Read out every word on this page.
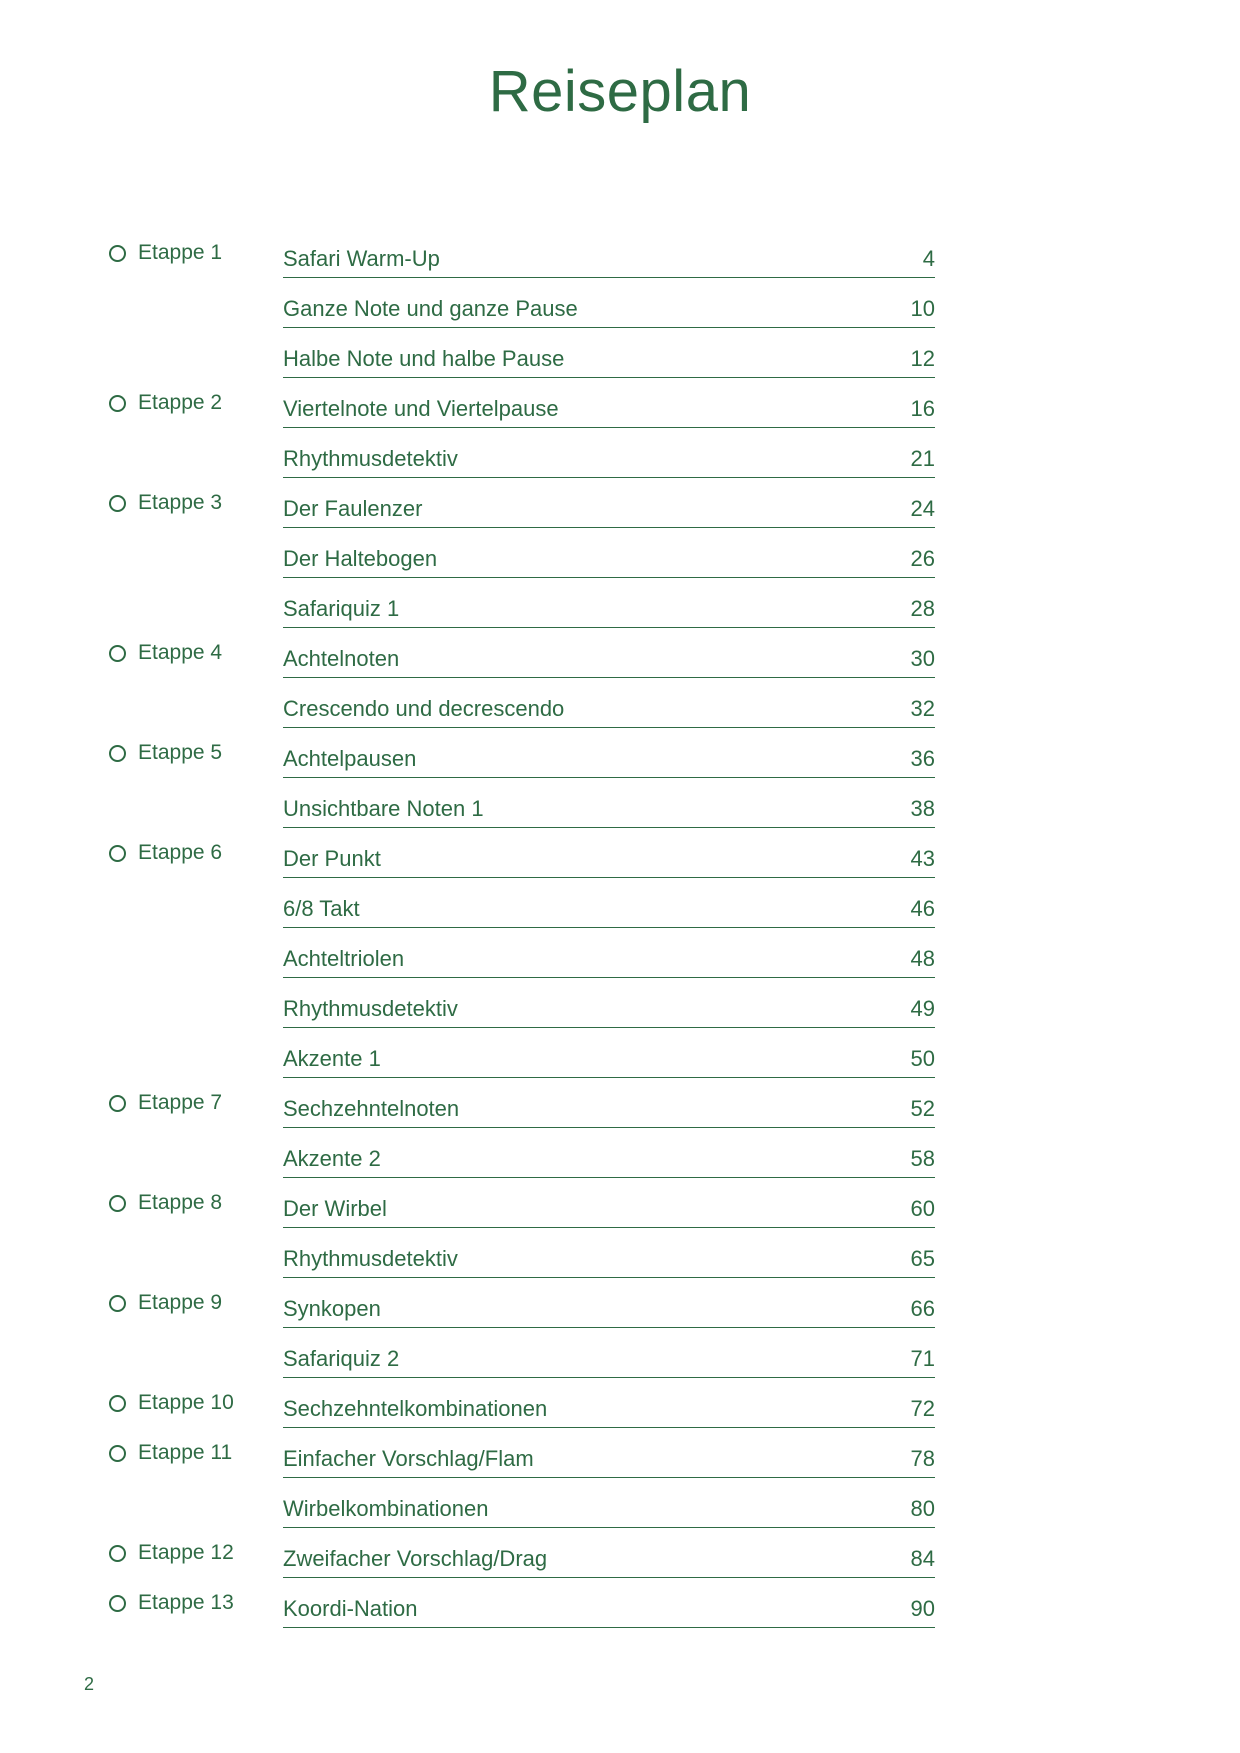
Reiseplan
Etappe 1	Safari Warm-Up	4
Ganze Note und ganze Pause	10
Halbe Note und halbe Pause	12
Etappe 2	Viertelnote und Viertelpause	16
Rhythmusdetektiv	21
Etappe 3	Der Faulenzer	24
Der Haltebogen	26
Safariquiz 1	28
Etappe 4	Achtelnoten	30
Crescendo und decrescendo	32
Etappe 5	Achtelpausen	36
Unsichtbare Noten 1	38
Etappe 6	Der Punkt	43
6/8 Takt	46
Achteltriolen	48
Rhythmusdetektiv	49
Akzente 1	50
Etappe 7	Sechzehntelnoten	52
Akzente 2	58
Etappe 8	Der Wirbel	60
Rhythmusdetektiv	65
Etappe 9	Synkopen	66
Safariquiz 2	71
Etappe 10	Sechzehntelkombinationen	72
Etappe 11	Einfacher Vorschlag/Flam	78
Wirbelkombinationen	80
Etappe 12	Zweifacher Vorschlag/Drag	84
Etappe 13	Koordi-Nation	90
2
